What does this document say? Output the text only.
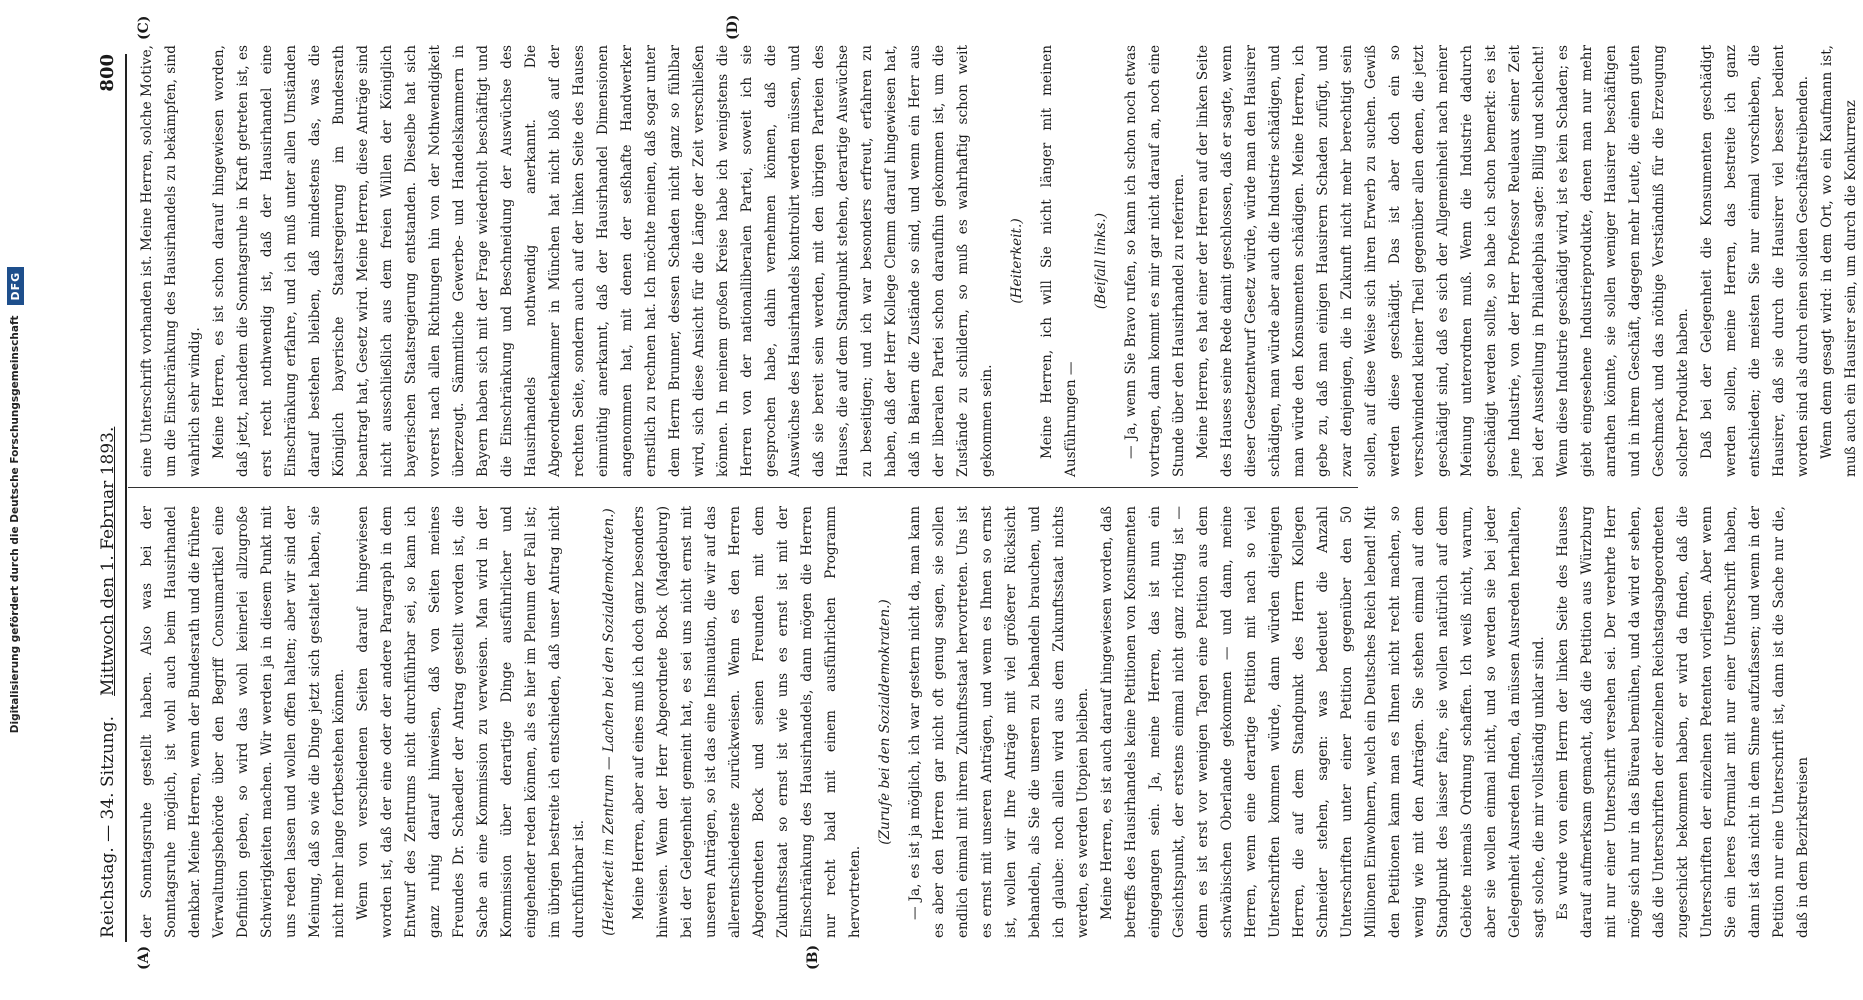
Digitalisierung gefördert durch die Deutsche Forschungsgemeinschaft
DFG
Reichstag. — 34. Sitzung.
Mittwoch den 1. Februar 1893.
800
(A)	(B)
(C)	(D)

der Sonntagsruhe gestellt haben. Also was bei der Sonntagsruhe möglich, ist wohl auch beim Hausirhandel denkbar. Meine Herren, wenn der Bundesrath und die frühere Verwaltungsbehörde über den Begriff Consumartikel eine Definition geben, so wird das wohl keinerlei allzugroße Schwierigkeiten machen. Wir werden ja in diesem Punkt mit uns reden lassen und wollen offen halten; aber wir sind der Meinung, daß so wie die Dinge jetzt sich gestaltet haben, sie nicht mehr lange fortbestehen können. Wenn von verschiedenen Seiten darauf hingewiesen worden ist, daß der eine oder der andere Paragraph in dem Entwurf des Zentrums nicht durchführbar sei, so kann ich ganz ruhig darauf hinweisen, daß von Seiten meines Freundes Dr. Schaedler der Antrag gestellt worden ist, die Sache an eine Kommission zu verweisen. Man wird in der Kommission über derartige Dinge ausführlicher und eingehender reden können, als es hier im Plenum der Fall ist; im übrigen bestreite ich entschieden, daß unser Antrag nicht durchführbar ist. (Heiterkeit im Zentrum — Lachen bei den Sozialdemokraten.) Meine Herren, aber auf eines muß ich doch ganz besonders hinweisen. Wenn der Herr Abgeordnete Bock (Magdeburg) bei der Gelegenheit gemeint hat, es sei uns nicht ernst mit unseren Anträgen, so ist das eine Insinuation, die wir auf das allerentschiedenste zurückweisen. Wenn es den Herren Abgeordneten Bock und seinen Freunden mit dem Zukunftsstaat so ernst ist wie uns es ernst ist mit der Einschränkung des Hausirhandels, dann mögen die Herren nur recht bald mit einem ausführlichen Programm hervortreten.

(Zurufe bei den Sozialdemokraten.) — Ja, es ist ja möglich, ich war gestern nicht da, man kann es aber den Herren gar nicht oft genug sagen, sie sollen endlich einmal mit ihrem Zukunftsstaat hervortreten. Uns ist es ernst mit unseren Anträgen, und wenn es Ihnen so ernst ist, wollen wir Ihre Anträge mit viel größerer Rücksicht behandeln, als Sie die unseren zu behandeln brauchen, und ich glaube: noch allein wird aus dem Zukunftsstaat nichts werden, es werden Utopien bleiben. Meine Herren, es ist auch darauf hingewiesen worden, daß betreffs des Hausirhandels keine Petitionen von Konsumenten eingegangen sein. Ja, meine Herren, das ist nun ein Gesichtspunkt, der erstens einmal nicht ganz richtig ist — denn es ist erst vor wenigen Tagen eine Petition aus dem schwäbischen Oberlande gekommen — und dann, meine Herren, wenn eine derartige Petition mit nach so viel Unterschriften kommen würde, dann würden diejenigen Herren, die auf dem Standpunkt des Herrn Kollegen Schneider stehen, sagen: was bedeutet die Anzahl Unterschriften unter einer Petition gegenüber den 50 Millionen Einwohnern, welch ein Deutsches Reich lebend! Mit den Petitionen kann man es Ihnen nicht recht machen, so wenig wie mit den Anträgen. Sie stehen einmal auf dem Standpunkt des laisser faire, sie wollen natürlich auf dem Gebiete niemals Ordnung schaffen. Ich weiß nicht, warum, aber sie wollen einmal nicht, und so werden sie bei jeder Gelegenheit Ausreden finden, da müssen Ausreden herhalten, sagt solche, die mir vollständig unklar sind. Es wurde von einem Herrn der linken Seite des Hauses darauf aufmerksam gemacht, daß die Petition aus Würzburg mit nur einer Unterschrift versehen sei. Der verehrte Herr möge sich nur in das Büreau bemühen, und da wird er sehen, daß die Unterschriften der einzelnen Reichstagsabgeordneten zugeschickt bekommen haben, er wird da finden, daß die Unterschriften der einzelnen Petenten vorliegen. Aber wenn Sie ein leeres Formular mit nur einer Unterschrift haben, dann ist das nicht in dem Sinne aufzufassen; und wenn in der Petition nur eine Unterschrift ist, dann ist die Sache nur die, daß in dem Bezirkstreisen

eine Unterschrift vorhanden ist. Meine Herren, solche Motive, um die Einschränkung des Hausirhandels zu bekämpfen, sind wahrlich sehr windig. Meine Herren, es ist schon darauf hingewiesen worden, daß jetzt, nachdem die Sonntagsruhe in Kraft getreten ist, es erst recht nothwendig ist, daß der Hausirhandel eine Einschränkung erfahre, und ich muß unter allen Umständen darauf bestehen bleiben, daß mindestens das, was die Königlich bayerische Staatsregierung im Bundesrath beantragt hat, Gesetz wird. Meine Herren, diese Anträge sind nicht ausschließlich aus dem freien Willen der Königlich bayerischen Staatsregierung entstanden. Dieselbe hat sich vorerst nach allen Richtungen hin von der Nothwendigkeit überzeugt. Sämmtliche Gewerbe- und Handelskammern in Bayern haben sich mit der Frage wiederholt beschäftigt und die Einschränkung und Beschneidung der Auswüchse des Hausirhandels nothwendig anerkannt. Die Abgeordnetenkammer in München hat nicht bloß auf der rechten Seite, sondern auch auf der linken Seite des Hauses einmüthig anerkannt, daß der Hausirhandel Dimensionen angenommen hat, mit denen der seßhafte Handwerker ernstlich zu rechnen hat. Ich möchte meinen, daß sogar unter dem Herrn Brunner, dessen Schaden nicht ganz so fühlbar wird, sich diese Ansicht für die Länge der Zeit verschließen können. In meinem großen Kreise habe ich wenigstens die Herren von der nationalliberalen Partei, soweit ich sie gesprochen habe, dahin vernehmen können, daß die Auswüchse des Hausirhandels kontrolirt werden müssen, und daß sie bereit sein werden, mit den übrigen Parteien des Hauses, die auf dem Standpunkt stehen, derartige Auswüchse zu beseitigen; und ich war besonders erfreut, erfahren zu haben, daß der Herr Kollege Clemm darauf hingewiesen hat, daß in Baiern die Zustände so sind, und wenn ein Herr aus der liberalen Partei schon daraufhin gekommen ist, um die Zustände zu schildern, so muß es wahrhaftig schon weit gekommen sein.

(Heiterkeit.) Meine Herren, ich will Sie nicht länger mit meinen Ausführungen —

(Beifall links.) — Ja, wenn Sie Bravo rufen, so kann ich schon noch etwas vortragen, dann kommt es mir gar nicht darauf an, noch eine Stunde über den Hausirhandel zu referiren. Meine Herren, es hat einer der Herren auf der linken Seite des Hauses seine Rede damit geschlossen, daß er sagte, wenn dieser Gesetzentwurf Gesetz würde, würde man den Hausirer schädigen, man würde aber auch die Industrie schädigen, und man würde den Konsumenten schädigen. Meine Herren, ich gebe zu, daß man einigen Hausirern Schaden zufügt, und zwar denjenigen, die in Zukunft nicht mehr berechtigt sein sollen, auf diese Weise sich ihren Erwerb zu suchen. Gewiß werden diese geschädigt. Das ist aber doch ein so verschwindend kleiner Theil gegenüber allen denen, die jetzt geschädigt sind, daß es sich der Allgemeinheit nach meiner Meinung unterordnen muß. Wenn die Industrie dadurch geschädigt werden sollte, so habe ich schon bemerkt: es ist jene Industrie, von der Herr Professor Reuleaux seiner Zeit bei der Ausstellung in Philadelphia sagte: Billig und schlecht! Wenn diese Industrie geschädigt wird, ist es kein Schaden; es giebt eingesehene Industrieprodukte, denen man nur mehr anrathen könnte, sie sollen weniger Hausirer beschäftigen und in ihrem Geschäft, dagegen mehr Leute, die einen guten Geschmack und das nöthige Verständniß für die Erzeugung solcher Produkte haben. Daß bei der Gelegenheit die Konsumenten geschädigt werden sollen, meine Herren, das bestreite ich ganz entschieden; die meisten Sie nur einmal vorschieben, die Hausirer, daß sie durch die Hausirer viel besser bedient worden sind als durch einen soliden Geschäftstreibenden. Wenn denn gesagt wird: in dem Ort, wo ein Kaufmann ist, muß auch ein Hausirer sein, um durch die Konkurrenz
